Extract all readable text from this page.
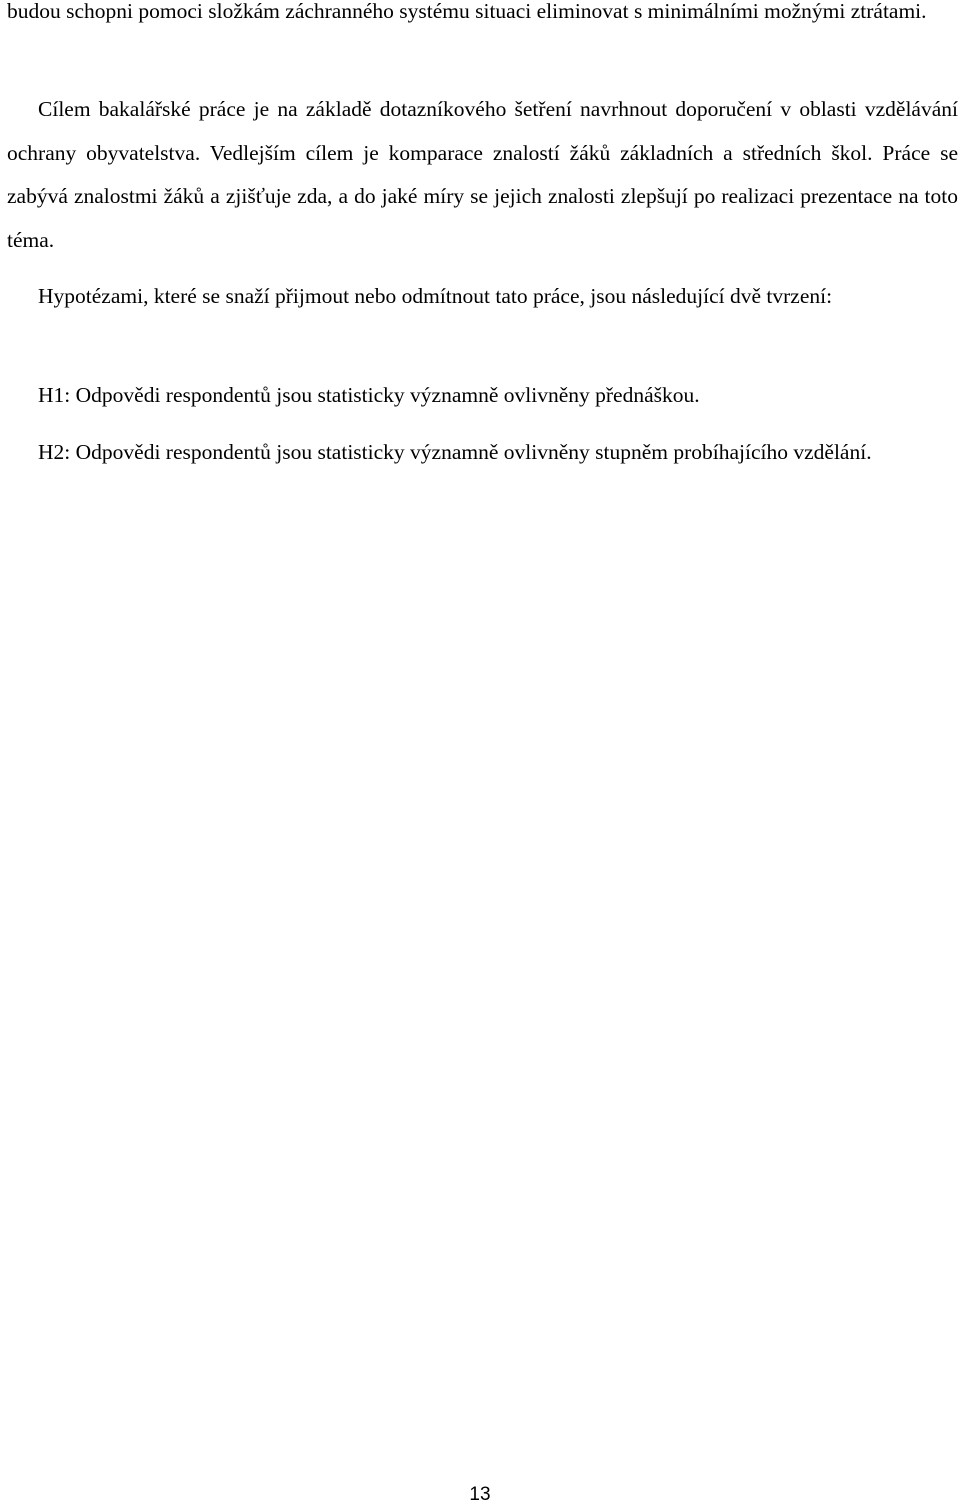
budou schopni pomoci složkám záchranného systému situaci eliminovat s minimálními možnými ztrátami.

Cílem bakalářské práce je na základě dotazníkového šetření navrhnout doporučení v oblasti vzdělávání ochrany obyvatelstva. Vedlejším cílem je komparace znalostí žáků základních a středních škol. Práce se zabývá znalostmi žáků a zjišťuje zda, a do jaké míry se jejich znalosti zlepšují po realizaci prezentace na toto téma.

Hypotézami, které se snaží přijmout nebo odmítnout tato práce, jsou následující dvě tvrzení:

H1: Odpovědi respondentů jsou statisticky významně ovlivněny přednáškou.

H2: Odpovědi respondentů jsou statisticky významně ovlivněny stupněm probíhajícího vzdělání.

13
